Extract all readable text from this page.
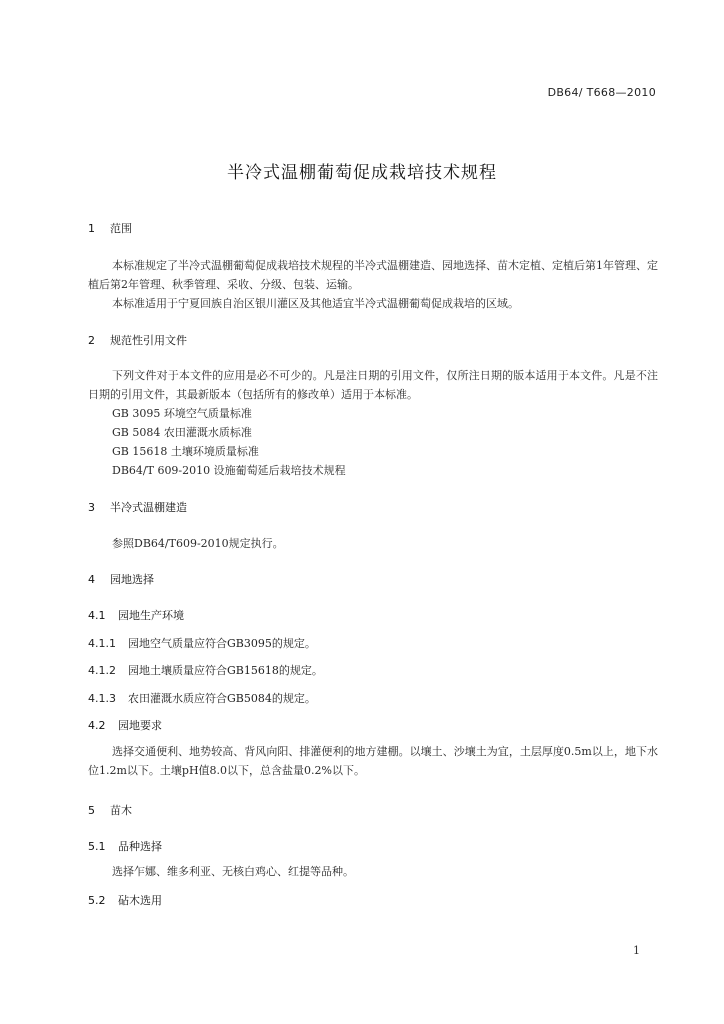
DB64/ T668—2010
半冷式温棚葡萄促成栽培技术规程
1 范围
本标准规定了半冷式温棚葡萄促成栽培技术规程的半冷式温棚建造、园地选择、苗木定植、定植后第1年管理、定植后第2年管理、秋季管理、采收、分级、包装、运输。
本标准适用于宁夏回族自治区银川灌区及其他适宜半冷式温棚葡萄促成栽培的区域。
2 规范性引用文件
下列文件对于本文件的应用是必不可少的。凡是注日期的引用文件，仅所注日期的版本适用于本文件。凡是不注日期的引用文件，其最新版本（包括所有的修改单）适用于本标准。
GB 3095 环境空气质量标准
GB 5084 农田灌溉水质标准
GB 15618 土壤环境质量标准
DB64/T 609-2010 设施葡萄延后栽培技术规程
3 半冷式温棚建造
参照DB64/T609-2010规定执行。
4 园地选择
4.1 园地生产环境
4.1.1 园地空气质量应符合GB3095的规定。
4.1.2 园地土壤质量应符合GB15618的规定。
4.1.3 农田灌溉水质应符合GB5084的规定。
4.2 园地要求
选择交通便利、地势较高、背风向阳、排灌便利的地方建棚。以壤土、沙壤土为宜，土层厚度0.5m以上，地下水位1.2m以下。土壤pH值8.0以下，总含盐量0.2%以下。
5 苗木
5.1 品种选择
选择乍娜、维多利亚、无核白鸡心、红提等品种。
5.2 砧木选用
1
